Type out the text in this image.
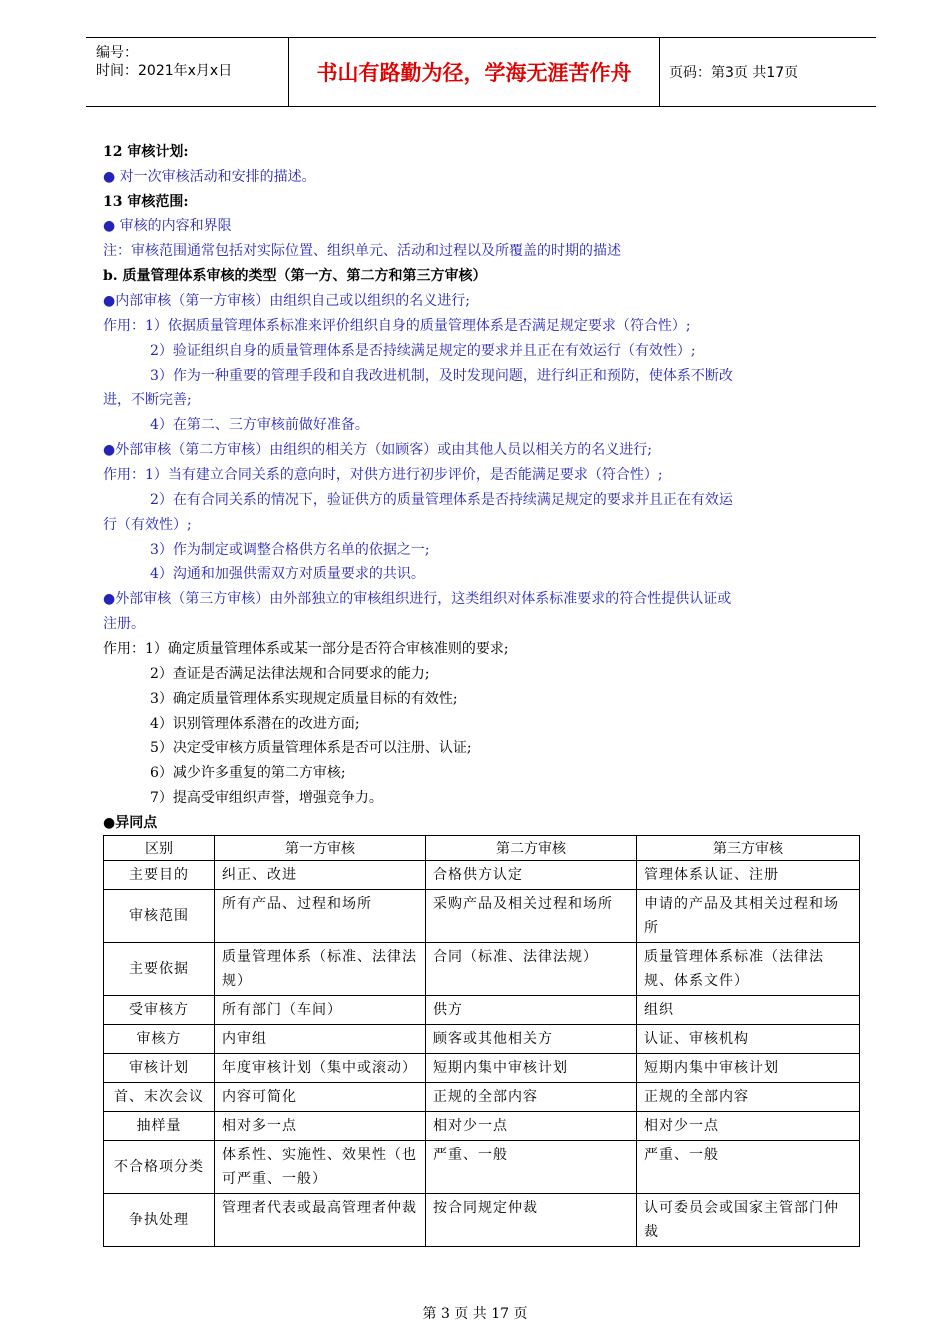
编号：
时间：2021年x月x日	书山有路勤为径，学海无涯苦作舟	页码：第3页 共17页
12 审核计划:
● 对一次审核活动和安排的描述。
13 审核范围:
● 审核的内容和界限
注：审核范围通常包括对实际位置、组织单元、活动和过程以及所覆盖的时期的描述
b. 质量管理体系审核的类型（第一方、第二方和第三方审核）
●内部审核（第一方审核）由组织自己或以组织的名义进行;
作用：1）依据质量管理体系标准来评价组织自身的质量管理体系是否满足规定要求（符合性）;
2）验证组织自身的质量管理体系是否持续满足规定的要求并且正在有效运行（有效性）;
3）作为一种重要的管理手段和自我改进机制，及时发现问题，进行纠正和预防，使体系不断改
进，不断完善;
4）在第二、三方审核前做好准备。
●外部审核（第二方审核）由组织的相关方（如顾客）或由其他人员以相关方的名义进行;
作用：1）当有建立合同关系的意向时，对供方进行初步评价，是否能满足要求（符合性）;
2）在有合同关系的情况下，验证供方的质量管理体系是否持续满足规定的要求并且正在有效运
行（有效性）;
3）作为制定或调整合格供方名单的依据之一;
4）沟通和加强供需双方对质量要求的共识。
●外部审核（第三方审核）由外部独立的审核组织进行，这类组织对体系标准要求的符合性提供认证或
注册。
作用：1）确定质量管理体系或某一部分是否符合审核准则的要求;
2）查证是否满足法律法规和合同要求的能力;
3）确定质量管理体系实现规定质量目标的有效性;
4）识别管理体系潜在的改进方面;
5）决定受审核方质量管理体系是否可以注册、认证;
6）减少许多重复的第二方审核;
7）提高受审组织声誉，增强竞争力。
●异同点
区别	第一方审核	第二方审核	第三方审核
主要目的	纠正、改进	合格供方认定	管理体系认证、注册
审核范围	所有产品、过程和场所	采购产品及相关过程和场所	申请的产品及其相关过程和场所
主要依据	质量管理体系（标准、法律法规）	合同（标准、法律法规）	质量管理体系标准（法律法规、体系文件）
受审核方	所有部门（车间）	供方	组织
审核方	内审组	顾客或其他相关方	认证、审核机构
审核计划	年度审核计划（集中或滚动）	短期内集中审核计划	短期内集中审核计划
首、末次会议	内容可简化	正规的全部内容	正规的全部内容
抽样量	相对多一点	相对少一点	相对少一点
不合格项分类	体系性、实施性、效果性（也可严重、一般）	严重、一般	严重、一般
争执处理	管理者代表或最高管理者仲裁	按合同规定仲裁	认可委员会或国家主管部门仲裁
第 3 页 共 17 页
